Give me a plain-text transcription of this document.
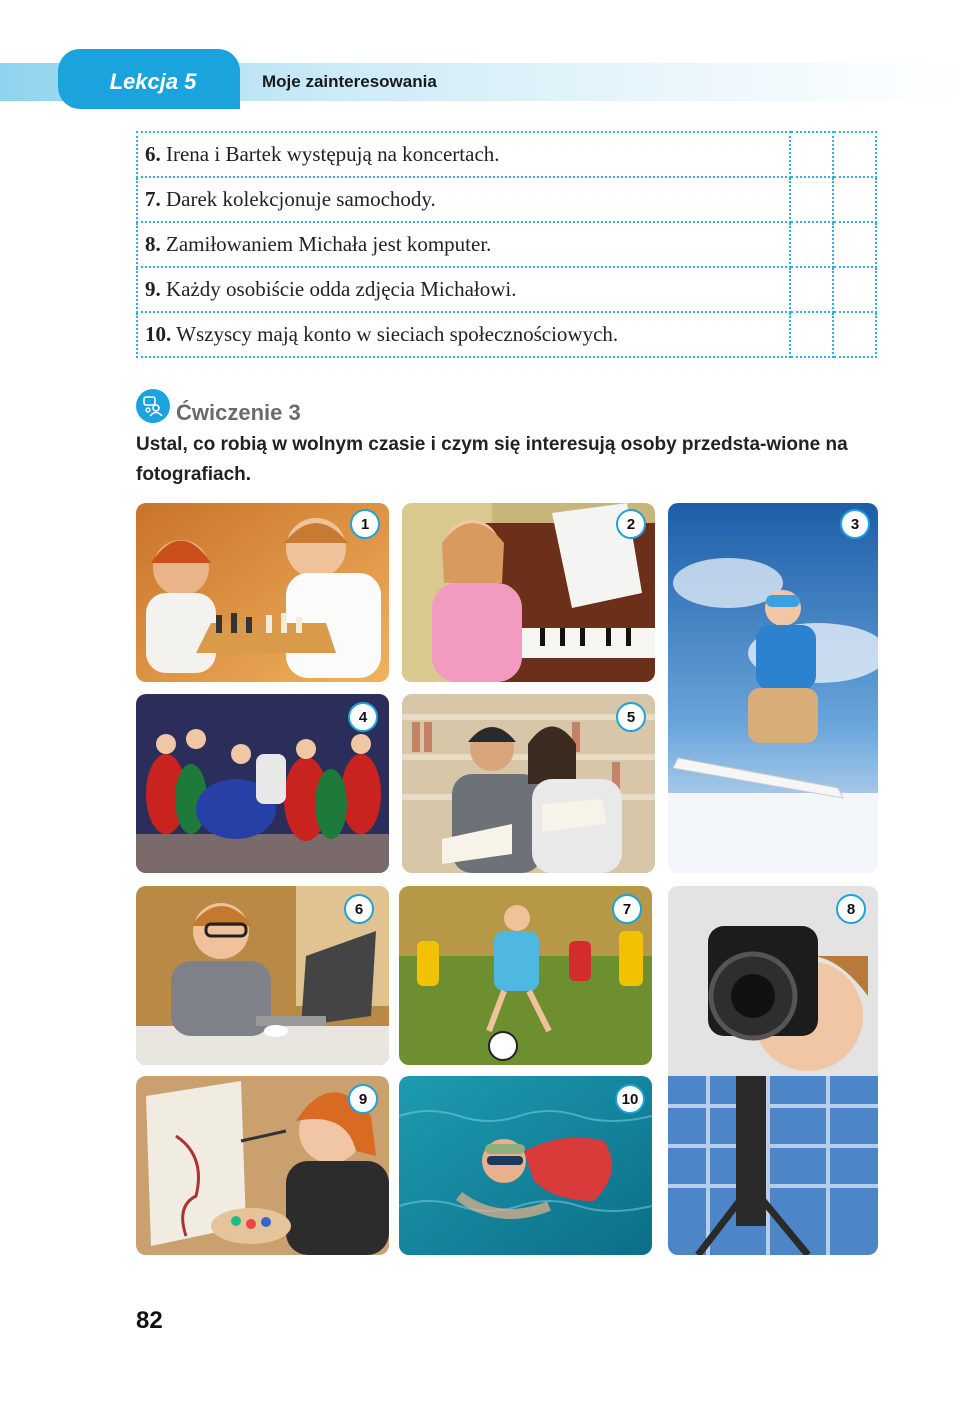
Lekcja 5	Moje zainteresowania
6. Irena i Bartek występują na koncertach.		
7. Darek kolekcjonuje samochody.		
8. Zamiłowaniem Michała jest komputer.		
9. Każdy osobiście odda zdjęcia Michałowi.		
10. Wszyscy mają konto w sieciach społecznościowych.		
Ćwiczenie 3
Ustal, co robią w wolnym czasie i czym się interesują osoby przedsta-wione na fotografiach.
1	2	3
4	5
6	7	8
9	10
82
